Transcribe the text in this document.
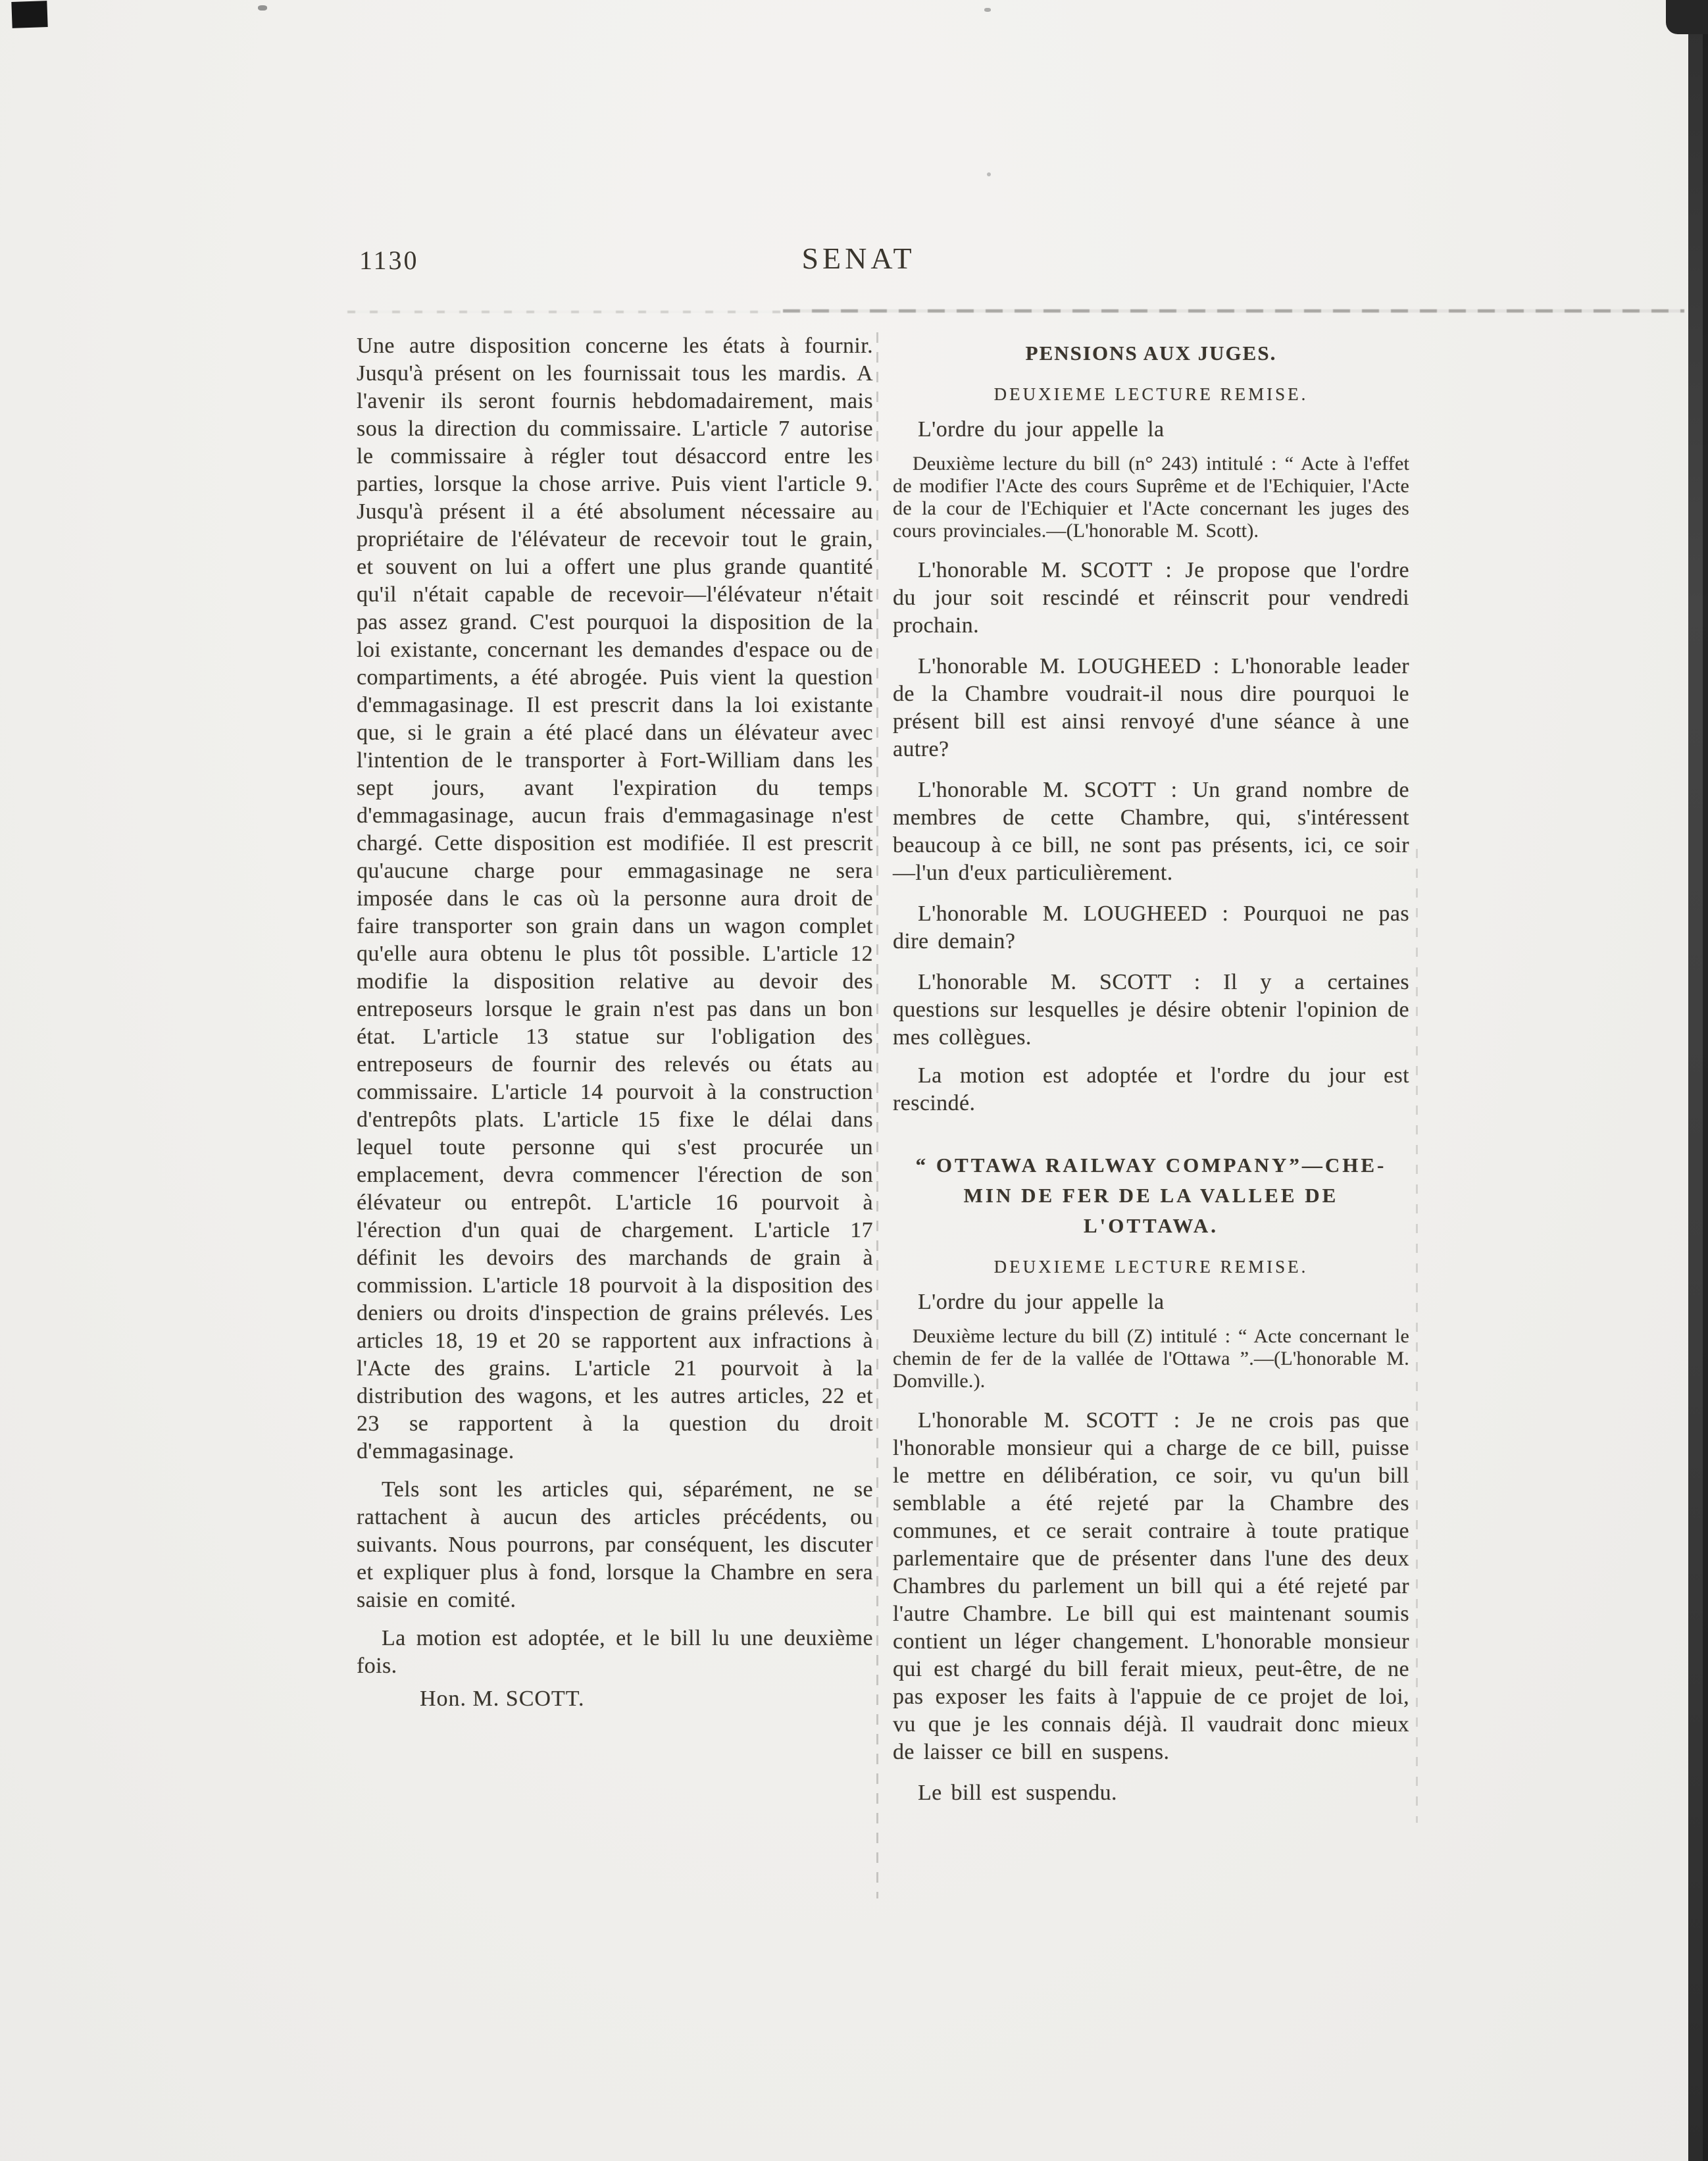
1130	SENAT

Une autre disposition concerne les états à fournir. Jusqu'à présent on les fournissait tous les mardis. A l'avenir ils seront fournis hebdomadairement, mais sous la direction du commissaire. L'article 7 autorise le commissaire à régler tout désaccord entre les parties, lorsque la chose arrive. Puis vient l'article 9. Jusqu'à présent il a été absolument nécessaire au propriétaire de l'élévateur de recevoir tout le grain, et souvent on lui a offert une plus grande quantité qu'il n'était capable de recevoir—l'élévateur n'était pas assez grand. C'est pourquoi la disposition de la loi existante, concernant les demandes d'espace ou de compartiments, a été abrogée. Puis vient la question d'emmagasinage. Il est prescrit dans la loi existante que, si le grain a été placé dans un élévateur avec l'intention de le transporter à Fort-William dans les sept jours, avant l'expiration du temps d'emmagasinage, aucun frais d'emmagasinage n'est chargé. Cette disposition est modifiée. Il est prescrit qu'aucune charge pour emmagasinage ne sera imposée dans le cas où la personne aura droit de faire transporter son grain dans un wagon complet qu'elle aura obtenu le plus tôt possible. L'article 12 modifie la disposition relative au devoir des entreposeurs lorsque le grain n'est pas dans un bon état. L'article 13 statue sur l'obligation des entreposeurs de fournir des relevés ou états au commissaire. L'article 14 pourvoit à la construction d'entrepôts plats. L'article 15 fixe le délai dans lequel toute personne qui s'est procurée un emplacement, devra commencer l'érection de son élévateur ou entrepôt. L'article 16 pourvoit à l'érection d'un quai de chargement. L'article 17 définit les devoirs des marchands de grain à commission. L'article 18 pourvoit à la disposition des deniers ou droits d'inspection de grains prélevés. Les articles 18, 19 et 20 se rapportent aux infractions à l'Acte des grains. L'article 21 pourvoit à la distribution des wagons, et les autres articles, 22 et 23 se rapportent à la question du droit d'emmagasinage.

Tels sont les articles qui, séparément, ne se rattachent à aucun des articles précédents, ou suivants. Nous pourrons, par conséquent, les discuter et expliquer plus à fond, lorsque la Chambre en sera saisie en comité.

La motion est adoptée, et le bill lu une deuxième fois.

Hon. M. SCOTT.

PENSIONS AUX JUGES.
DEUXIEME LECTURE REMISE.

L'ordre du jour appelle la

Deuxième lecture du bill (n° 243) intitulé : “ Acte à l'effet de modifier l'Acte des cours Suprême et de l'Echiquier, l'Acte de la cour de l'Echiquier et l'Acte concernant les juges des cours provinciales.—(L'honorable M. Scott).

L'honorable M. SCOTT : Je propose que l'ordre du jour soit rescindé et réinscrit pour vendredi prochain.

L'honorable M. LOUGHEED : L'honorable leader de la Chambre voudrait-il nous dire pourquoi le présent bill est ainsi renvoyé d'une séance à une autre?

L'honorable M. SCOTT : Un grand nombre de membres de cette Chambre, qui, s'intéressent beaucoup à ce bill, ne sont pas présents, ici, ce soir—l'un d'eux particulièrement.

L'honorable M. LOUGHEED : Pourquoi ne pas dire demain?

L'honorable M. SCOTT : Il y a certaines questions sur lesquelles je désire obtenir l'opinion de mes collègues.

La motion est adoptée et l'ordre du jour est rescindé.

“ OTTAWA RAILWAY COMPANY”—CHE-
MIN DE FER DE LA VALLEE DE
L'OTTAWA.
DEUXIEME LECTURE REMISE.

L'ordre du jour appelle la

Deuxième lecture du bill (Z) intitulé : “ Acte concernant le chemin de fer de la vallée de l'Ottawa ”.—(L'honorable M. Domville.).

L'honorable M. SCOTT : Je ne crois pas que l'honorable monsieur qui a charge de ce bill, puisse le mettre en délibération, ce soir, vu qu'un bill semblable a été rejeté par la Chambre des communes, et ce serait contraire à toute pratique parlementaire que de présenter dans l'une des deux Chambres du parlement un bill qui a été rejeté par l'autre Chambre. Le bill qui est maintenant soumis contient un léger changement. L'honorable monsieur qui est chargé du bill ferait mieux, peut-être, de ne pas exposer les faits à l'appuie de ce projet de loi, vu que je les connais déjà. Il vaudrait donc mieux de laisser ce bill en suspens.

Le bill est suspendu.
